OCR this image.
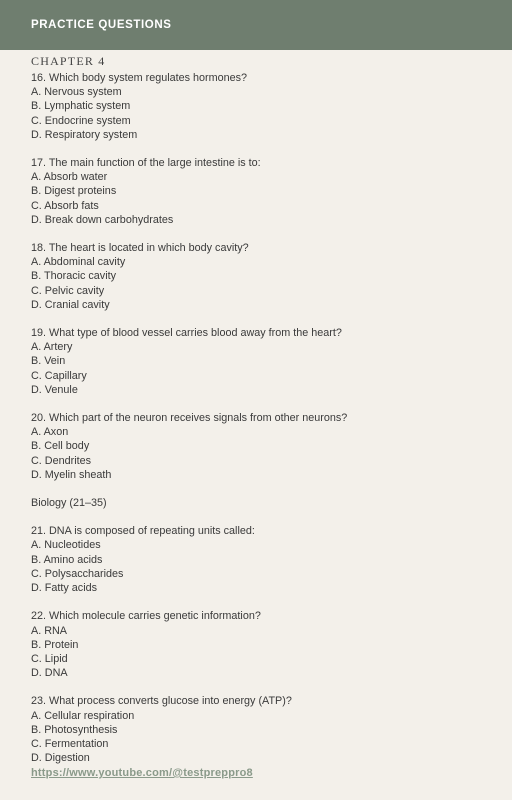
PRACTICE QUESTIONS
CHAPTER 4
16. Which body system regulates hormones?
A. Nervous system
B. Lymphatic system
C. Endocrine system
D. Respiratory system
17. The main function of the large intestine is to:
A. Absorb water
B. Digest proteins
C. Absorb fats
D. Break down carbohydrates
18. The heart is located in which body cavity?
A. Abdominal cavity
B. Thoracic cavity
C. Pelvic cavity
D. Cranial cavity
19. What type of blood vessel carries blood away from the heart?
A. Artery
B. Vein
C. Capillary
D. Venule
20. Which part of the neuron receives signals from other neurons?
A. Axon
B. Cell body
C. Dendrites
D. Myelin sheath
Biology (21–35)
21. DNA is composed of repeating units called:
A. Nucleotides
B. Amino acids
C. Polysaccharides
D. Fatty acids
22. Which molecule carries genetic information?
A. RNA
B. Protein
C. Lipid
D. DNA
23. What process converts glucose into energy (ATP)?
A. Cellular respiration
B. Photosynthesis
C. Fermentation
D. Digestion
https://www.youtube.com/@testpreppro8
